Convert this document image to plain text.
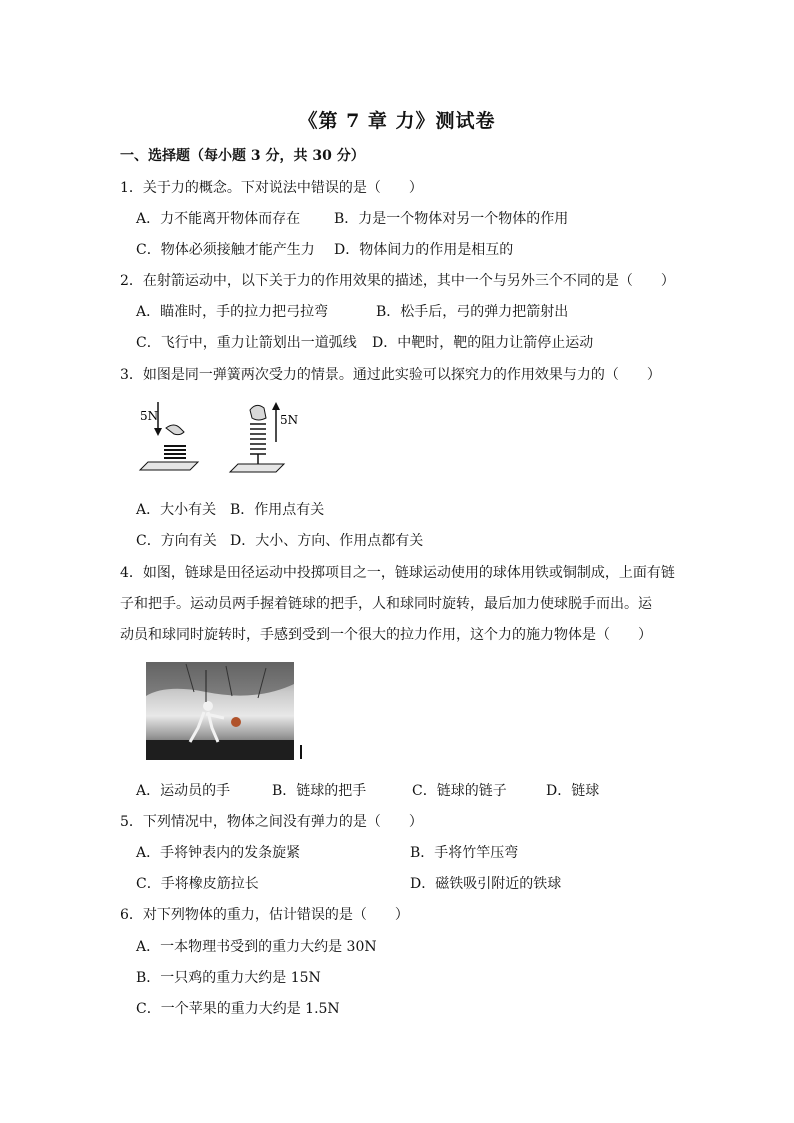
《第 7 章 力》测试卷
一、选择题（每小题 3 分，共 30 分）
1．关于力的概念。下对说法中错误的是（　　）
A．力不能离开物体而存在 B．力是一个物体对另一个物体的作用
C．物体必须接触才能产生力 D．物体间力的作用是相互的
2．在射箭运动中，以下关于力的作用效果的描述，其中一个与另外三个不同的是（　　）
A．瞄准时，手的拉力把弓拉弯	B．松手后，弓的弹力把箭射出
C．飞行中，重力让箭划出一道弧线 D．中靶时，靶的阻力让箭停止运动
3．如图是同一弹簧两次受力的情景。通过此实验可以探究力的作用效果与力的（　　）
5N	5N
A．大小有关 B．作用点有关
C．方向有关 D．大小、方向、作用点都有关
4．如图，链球是田径运动中投掷项目之一，链球运动使用的球体用铁或铜制成，上面有链
子和把手。运动员两手握着链球的把手，人和球同时旋转，最后加力使球脱手而出。运
动员和球同时旋转时，手感到受到一个很大的拉力作用，这个力的施力物体是（　　）
A．运动员的手	B．链球的把手	C．链球的链子	D．链球
5．下列情况中，物体之间没有弹力的是（　　）
A．手将钟表内的发条旋紧	B．手将竹竿压弯
C．手将橡皮筋拉长	D．磁铁吸引附近的铁球
6．对下列物体的重力，估计错误的是（　　）
A．一本物理书受到的重力大约是 30N
B．一只鸡的重力大约是 15N
C．一个苹果的重力大约是 1.5N
